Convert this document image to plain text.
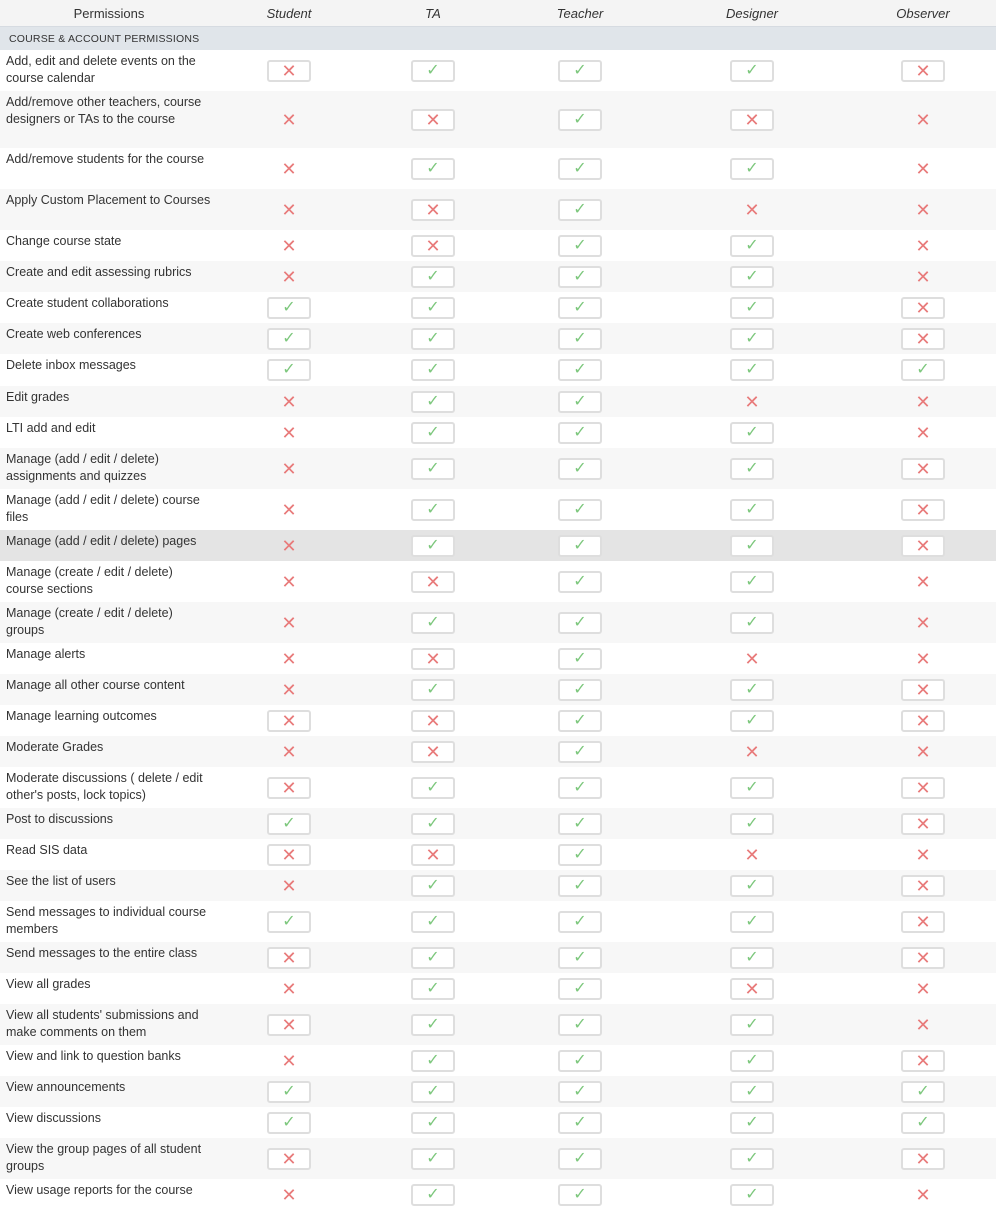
Permissions	Student	TA	Teacher	Designer	Observer
COURSE & ACCOUNT PERMISSIONS					
Add, edit and delete events on the course calendar	✕	✓	✓	✓	✕

Add/remove other teachers, course designers or TAs to the course	✕	✕	✓	✕	✕

Add/remove students for the course	✕	✓	✓	✓	✕

Apply Custom Placement to Courses	✕	✕	✓	✕	✕

Change course state	✕	✕	✓	✓	✕

Create and edit assessing rubrics	✕	✓	✓	✓	✕

Create student collaborations	✓	✓	✓	✓	✕

Create web conferences	✓	✓	✓	✓	✕

Delete inbox messages	✓	✓	✓	✓	✓

Edit grades	✕	✓	✓	✕	✕

LTI add and edit	✕	✓	✓	✓	✕

Manage (add / edit / delete) assignments and quizzes	✕	✓	✓	✓	✕

Manage (add / edit / delete) course files	✕	✓	✓	✓	✕

Manage (add / edit / delete) pages	✕	✓	✓	✓	✕

Manage (create / edit / delete) course sections	✕	✕	✓	✓	✕

Manage (create / edit / delete) groups	✕	✓	✓	✓	✕

Manage alerts	✕	✕	✓	✕	✕

Manage all other course content	✕	✓	✓	✓	✕

Manage learning outcomes	✕	✕	✓	✓	✕

Moderate Grades	✕	✕	✓	✕	✕

Moderate discussions ( delete / edit other's posts, lock topics)	✕	✓	✓	✓	✕

Post to discussions	✓	✓	✓	✓	✕

Read SIS data	✕	✕	✓	✕	✕

See the list of users	✕	✓	✓	✓	✕

Send messages to individual course members	✓	✓	✓	✓	✕

Send messages to the entire class	✕	✓	✓	✓	✕

View all grades	✕	✓	✓	✕	✕

View all students' submissions and make comments on them	✕	✓	✓	✓	✕

View and link to question banks	✕	✓	✓	✓	✕

View announcements	✓	✓	✓	✓	✓

View discussions	✓	✓	✓	✓	✓

View the group pages of all student groups	✕	✓	✓	✓	✕

View usage reports for the course	✕	✓	✓	✓	✕
